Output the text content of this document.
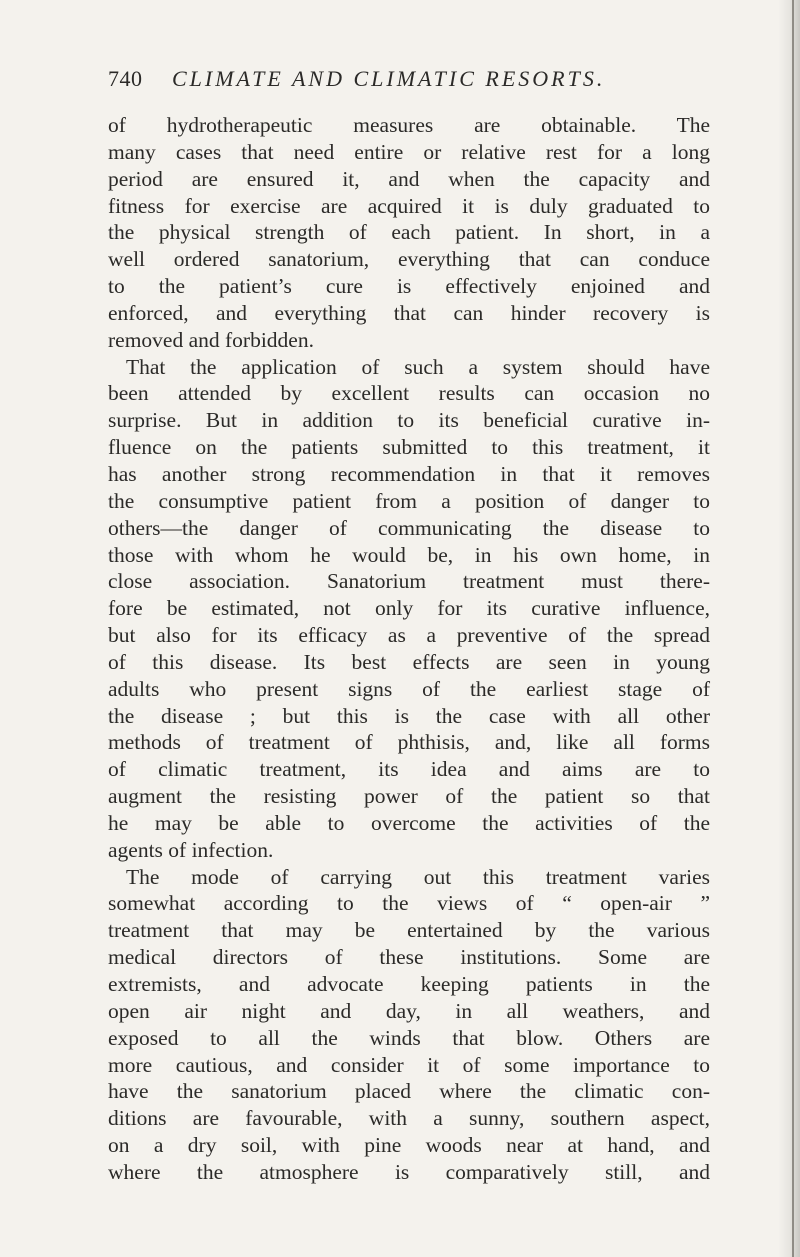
740 CLIMATE AND CLIMATIC RESORTS.
of hydrotherapeutic measures are obtainable. The
many cases that need entire or relative rest for a long
period are ensured it, and when the capacity and
fitness for exercise are acquired it is duly graduated to
the physical strength of each patient. In short, in a
well ordered sanatorium, everything that can conduce
to the patient’s cure is effectively enjoined and
enforced, and everything that can hinder recovery is
removed and forbidden.
That the application of such a system should have
been attended by excellent results can occasion no
surprise. But in addition to its beneficial curative in-
fluence on the patients submitted to this treatment, it
has another strong recommendation in that it removes
the consumptive patient from a position of danger to
others—the danger of communicating the disease to
those with whom he would be, in his own home, in
close association. Sanatorium treatment must there-
fore be estimated, not only for its curative influence,
but also for its efficacy as a preventive of the spread
of this disease. Its best effects are seen in young
adults who present signs of the earliest stage of
the disease ; but this is the case with all other
methods of treatment of phthisis, and, like all forms
of climatic treatment, its idea and aims are to
augment the resisting power of the patient so that
he may be able to overcome the activities of the
agents of infection.
The mode of carrying out this treatment varies
somewhat according to the views of “ open-air ”
treatment that may be entertained by the various
medical directors of these institutions. Some are
extremists, and advocate keeping patients in the
open air night and day, in all weathers, and
exposed to all the winds that blow. Others are
more cautious, and consider it of some importance to
have the sanatorium placed where the climatic con-
ditions are favourable, with a sunny, southern aspect,
on a dry soil, with pine woods near at hand, and
where the atmosphere is comparatively still, and
